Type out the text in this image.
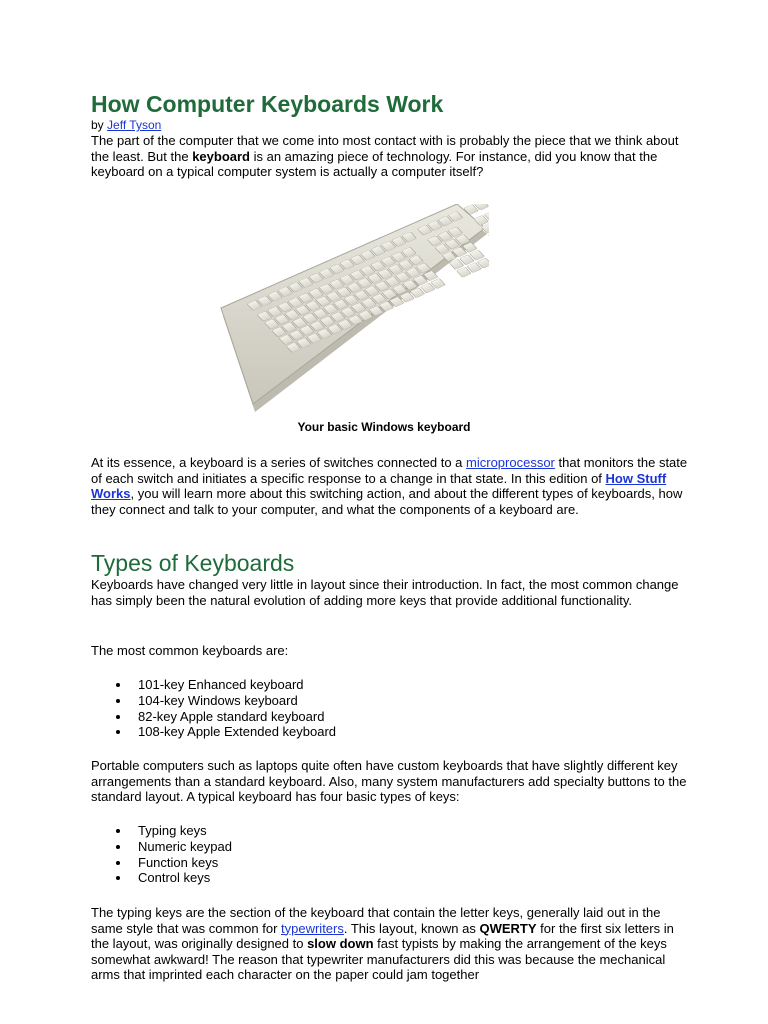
How Computer Keyboards Work
by Jeff Tyson

The part of the computer that we come into most contact with is probably the piece that we think about the least. But the keyboard is an amazing piece of technology. For instance, did you know that the keyboard on a typical computer system is actually a computer itself?

Your basic Windows keyboard

At its essence, a keyboard is a series of switches connected to a microprocessor that monitors the state of each switch and initiates a specific response to a change in that state. In this edition of How Stuff Works, you will learn more about this switching action, and about the different types of keyboards, how they connect and talk to your computer, and what the components of a keyboard are.

Types of Keyboards

Keyboards have changed very little in layout since their introduction. In fact, the most common change has simply been the natural evolution of adding more keys that provide additional functionality.

The most common keyboards are:

101-key Enhanced keyboard
104-key Windows keyboard
82-key Apple standard keyboard
108-key Apple Extended keyboard

Portable computers such as laptops quite often have custom keyboards that have slightly different key arrangements than a standard keyboard. Also, many system manufacturers add specialty buttons to the standard layout. A typical keyboard has four basic types of keys:

Typing keys
Numeric keypad
Function keys
Control keys

The typing keys are the section of the keyboard that contain the letter keys, generally laid out in the same style that was common for typewriters. This layout, known as QWERTY for the first six letters in the layout, was originally designed to slow down fast typists by making the arrangement of the keys somewhat awkward! The reason that typewriter manufacturers did this was because the mechanical arms that imprinted each character on the paper could jam together
